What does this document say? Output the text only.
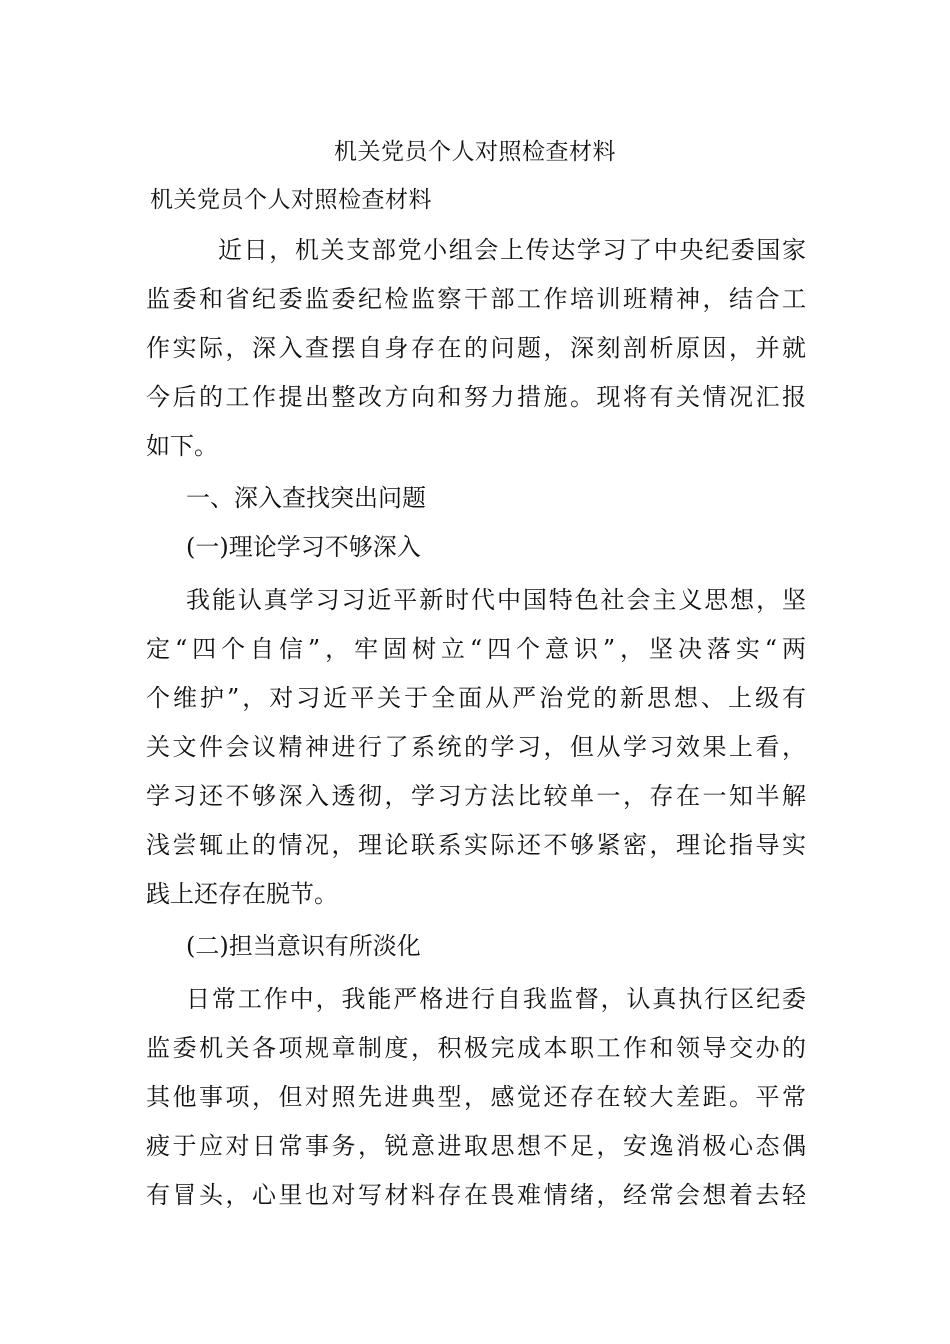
机关党员个人对照检查材料
机关党员个人对照检查材料
近日，机关支部党小组会上传达学习了中央纪委国家
监委和省纪委监委纪检监察干部工作培训班精神，结合工
作实际，深入查摆自身存在的问题，深刻剖析原因，并就
今后的工作提出整改方向和努力措施。现将有关情况汇报
如下。
一、深入查找突出问题
(一)理论学习不够深入
我能认真学习习近平新时代中国特色社会主义思想，坚
定“四个自信”，牢固树立“四个意识”，坚决落实“两
个维护”，对习近平关于全面从严治党的新思想、上级有
关文件会议精神进行了系统的学习，但从学习效果上看，
学习还不够深入透彻，学习方法比较单一，存在一知半解
浅尝辄止的情况，理论联系实际还不够紧密，理论指导实
践上还存在脱节。
(二)担当意识有所淡化
日常工作中，我能严格进行自我监督，认真执行区纪委
监委机关各项规章制度，积极完成本职工作和领导交办的
其他事项，但对照先进典型，感觉还存在较大差距。平常
疲于应对日常事务，锐意进取思想不足，安逸消极心态偶
有冒头，心里也对写材料存在畏难情绪，经常会想着去轻
